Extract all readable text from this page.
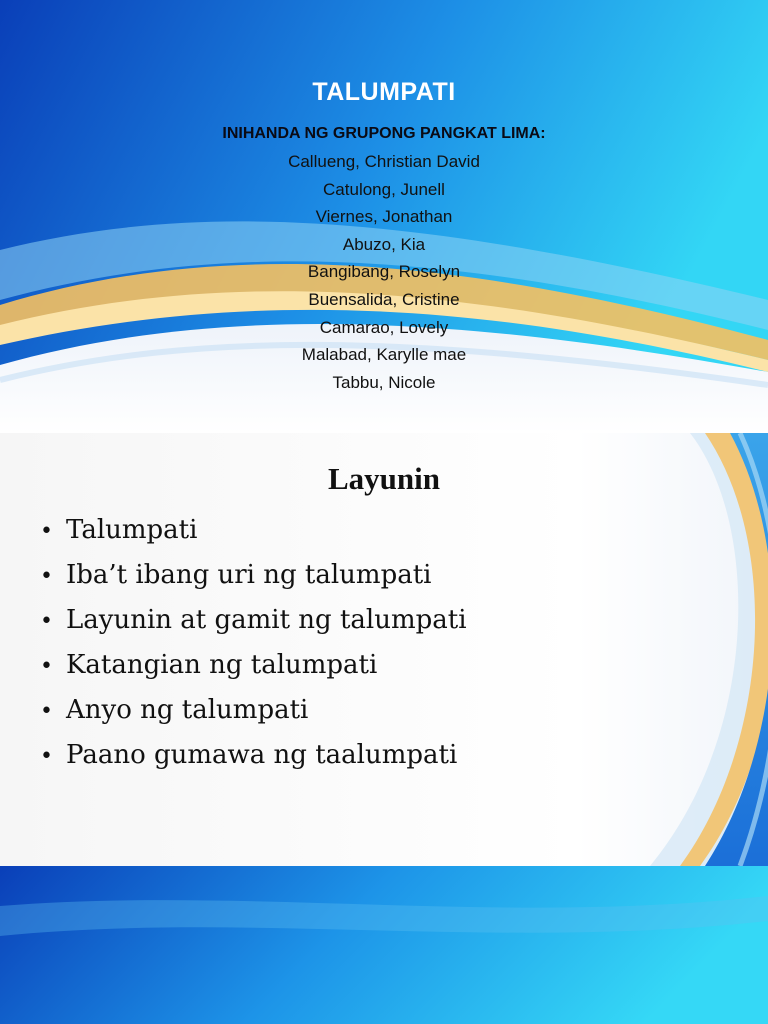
TALUMPATI
INIHANDA NG GRUPONG PANGKAT LIMA:
Callueng, Christian David
Catulong, Junell
Viernes, Jonathan
Abuzo, Kia
Bangibang, Roselyn
Buensalida, Cristine
Camarao, Lovely
Malabad, Karylle mae
Tabbu, Nicole
Layunin
• Talumpati
• Iba’t ibang uri ng talumpati
• Layunin at gamit ng talumpati
• Katangian ng talumpati
• Anyo ng talumpati
• Paano gumawa ng taalumpati
